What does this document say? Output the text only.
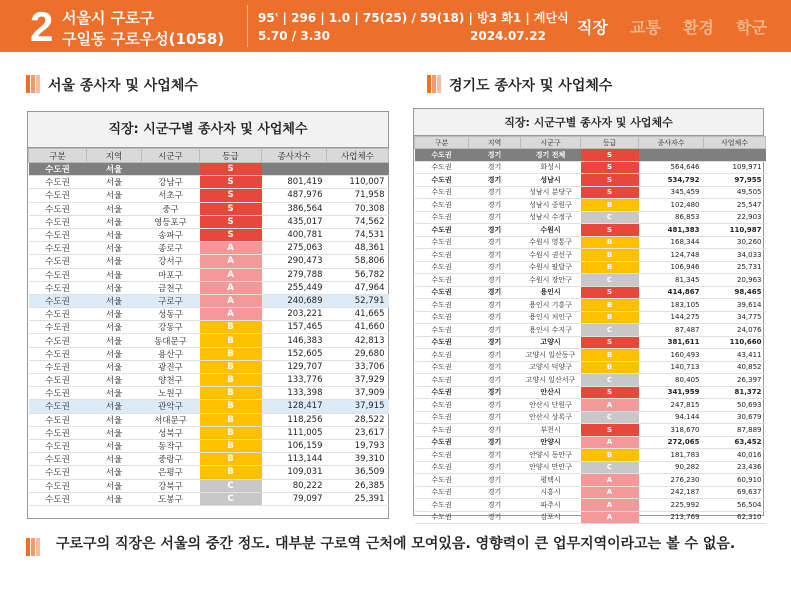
2 서울시 구로구
구일동 구로우성(1058)
95' | 296 | 1.0 | 75(25) / 59(18) | 방3 화1 | 계단식
5.70 / 3.30	2024.07.22 직장 교통 환경 학군
서울 종사자 및 사업체수	경기도 종사자 및 사업체수
직장: 시군구별 종사자 및 사업체수
구분	지역	시군구	등급	종사자수	사업체수
수도권	서울		S		
수도권	서울	강남구	S	801,419	110,007
수도권	서울	서초구	S	487,976	71,958
수도권	서울	중구	S	386,564	70,308
수도권	서울	영등포구	S	435,017	74,562
수도권	서울	송파구	S	400,781	74,531
수도권	서울	종로구	A	275,063	48,361
수도권	서울	강서구	A	290,473	58,806
수도권	서울	마포구	A	279,788	56,782
수도권	서울	금천구	A	255,449	47,964
수도권	서울	구로구	A	240,689	52,791
수도권	서울	성동구	A	203,221	41,665
수도권	서울	강동구	B	157,465	41,660
수도권	서울	동대문구	B	146,383	42,813
수도권	서울	용산구	B	152,605	29,680
수도권	서울	광진구	B	129,707	33,706
수도권	서울	양천구	B	133,776	37,929
수도권	서울	노원구	B	133,398	37,909
수도권	서울	관악구	B	128,417	37,915
수도권	서울	서대문구	B	118,256	28,522
수도권	서울	성북구	B	111,005	23,617
수도권	서울	동작구	B	106,159	19,793
수도권	서울	중랑구	B	113,144	39,310
수도권	서울	은평구	B	109,031	36,509
수도권	서울	강북구	C	80,222	26,385
수도권	서울	도봉구	C	79,097	25,391
직장: 시군구별 종사자 및 사업체수
구분	지역	시군구	등급	종사자수	사업체수
수도권	경기	경기 전체	S		
수도권	경기	화성시	S	564,646	109,971
수도권	경기	성남시	S	534,792	97,955
수도권	경기	성남시 분당구	S	345,459	49,505
수도권	경기	성남시 중원구	B	102,480	25,547
수도권	경기	성남시 수정구	C	86,853	22,903
수도권	경기	수원시	S	481,383	110,987
수도권	경기	수원시 영통구	B	168,344	30,260
수도권	경기	수원시 권선구	B	124,748	34,033
수도권	경기	수원시 팔달구	B	106,946	25,731
수도권	경기	수원시 장안구	C	81,345	20,963
수도권	경기	용인시	S	414,867	98,465
수도권	경기	용인시 기흥구	B	183,105	39,614
수도권	경기	용인시 처인구	B	144,275	34,775
수도권	경기	용인시 수지구	C	87,487	24,076
수도권	경기	고양시	S	381,611	110,660
수도권	경기	고양시 일산동구	B	160,493	43,411
수도권	경기	고양시 덕양구	B	140,713	40,852
수도권	경기	고양시 일산서구	C	80,405	26,397
수도권	경기	안산시	S	341,959	81,372
수도권	경기	안산시 단원구	A	247,815	50,693
수도권	경기	안산시 상록구	C	94,144	30,679
수도권	경기	부천시	S	318,670	87,889
수도권	경기	안양시	A	272,065	63,452
수도권	경기	안양시 동안구	B	181,783	40,016
수도권	경기	안양시 만안구	C	90,282	23,436
수도권	경기	평택시	A	276,230	60,910
수도권	경기	시흥시	A	242,187	69,637
수도권	경기	파주시	A	225,992	56,504
수도권	경기	김포시	A	213,769	62,310
구로구의 직장은 서울의 중간 정도. 대부분 구로역 근처에 모여있음. 영향력이 큰 업무지역이라고는 볼 수 없음.
